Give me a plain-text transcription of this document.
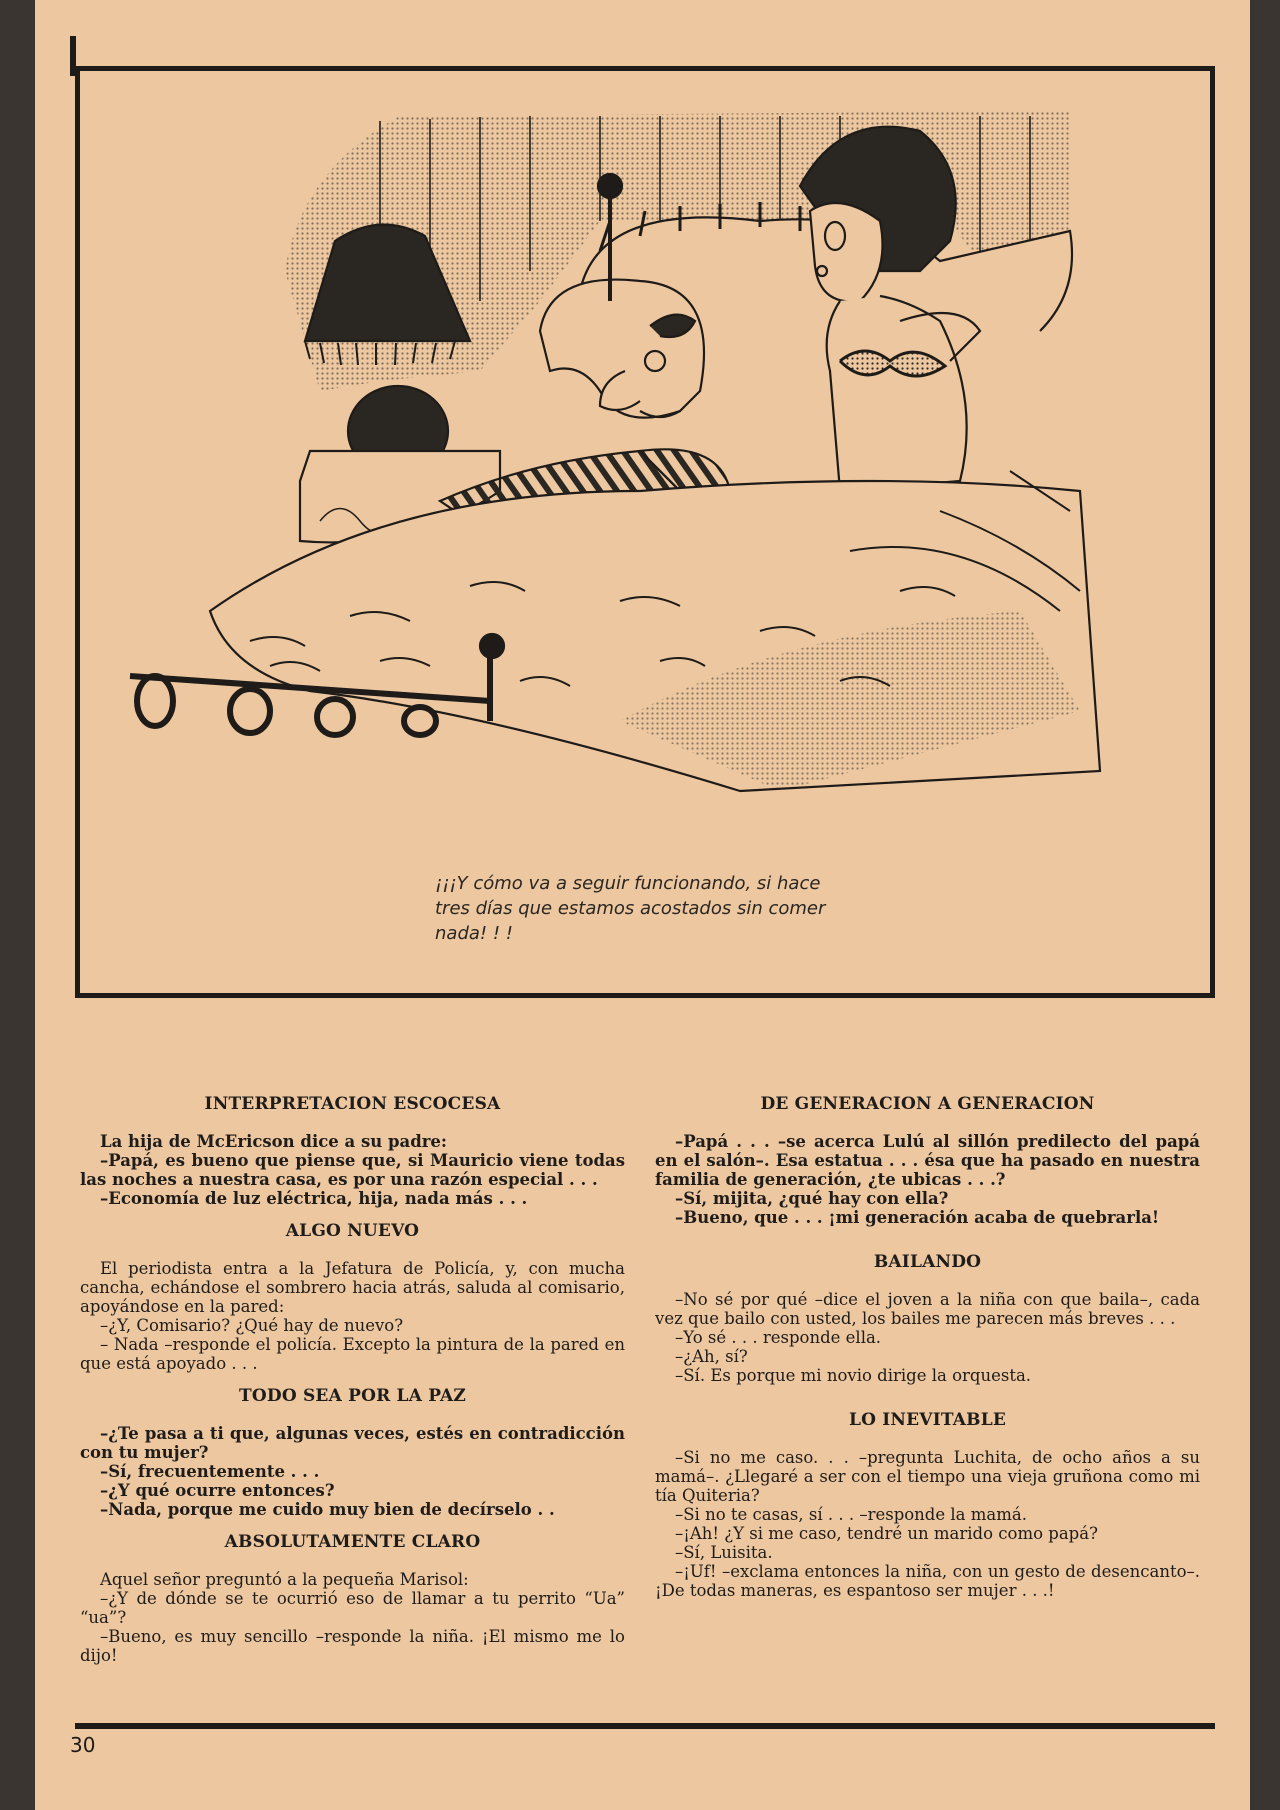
¡¡¡Y cómo va a seguir funcionando, si hace tres días que estamos acostados sin comer nada! ! !
INTERPRETACION ESCOCESA

La hija de McEricson dice a su padre:

–Papá, es bueno que piense que, si Mauricio viene todas las noches a nuestra casa, es por una razón especial . . .

–Economía de luz eléctrica, hija, nada más . . .

ALGO NUEVO

El periodista entra a la Jefatura de Policía, y, con mucha cancha, echándose el sombrero hacia atrás, saluda al comisario, apoyándose en la pared:

–¿Y, Comisario? ¿Qué hay de nuevo?

– Nada –responde el policía. Excepto la pintura de la pared en que está apoyado . . .

TODO SEA POR LA PAZ

–¿Te pasa a ti que, algunas veces, estés en contradicción con tu mujer?

–Sí, frecuentemente . . .

–¿Y qué ocurre entonces?

–Nada, porque me cuido muy bien de decírselo . .

ABSOLUTAMENTE CLARO

Aquel señor preguntó a la pequeña Marisol:

–¿Y de dónde se te ocurrió eso de llamar a tu perrito “Ua” “ua”?

–Bueno, es muy sencillo –responde la niña. ¡El mismo me lo dijo!

DE GENERACION A GENERACION

–Papá . . . –se acerca Lulú al sillón predilecto del papá en el salón–. Esa estatua . . . ésa que ha pasado en nuestra familia de generación, ¿te ubicas . . .?

–Sí, mijita, ¿qué hay con ella?

–Bueno, que . . . ¡mi generación acaba de quebrarla!

BAILANDO

–No sé por qué –dice el joven a la niña con que baila–, cada vez que bailo con usted, los bailes me parecen más breves . . .

–Yo sé . . . responde ella.

–¿Ah, sí?

–Sí. Es porque mi novio dirige la orquesta.

LO INEVITABLE

–Si no me caso. . . –pregunta Luchita, de ocho años a su mamá–. ¿Llegaré a ser con el tiempo una vieja gruñona como mi tía Quiteria?

–Si no te casas, sí . . . –responde la mamá.

–¡Ah! ¿Y si me caso, tendré un marido como papá?

–Sí, Luisita.

–¡Uf! –exclama entonces la niña, con un gesto de desencanto–. ¡De todas maneras, es espantoso ser mujer . . .!

30
